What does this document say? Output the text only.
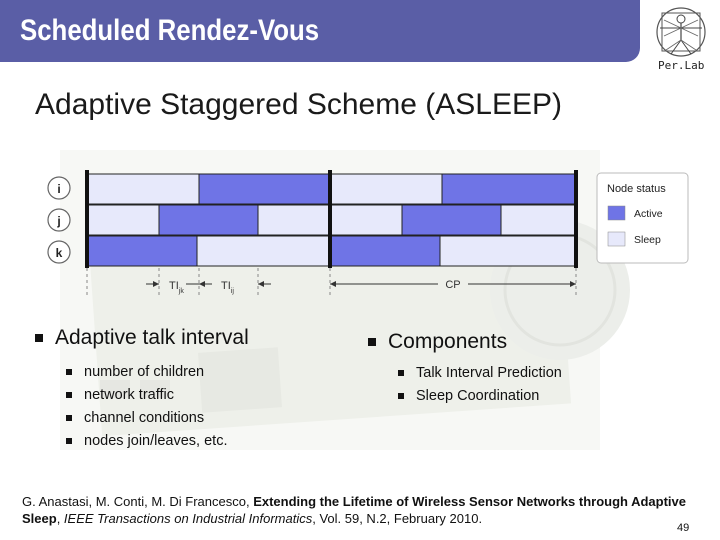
Scheduled Rendez-Vous
Per.Lab
Adaptive Staggered Scheme (ASLEEP)
i
j
k
$TI_{jk}$	$TI_{ij}$
CP
Node status
Active
Sleep
Adaptive talk interval
number of children
network traffic
channel conditions
nodes join/leaves, etc.
Components
Talk Interval Prediction
Sleep Coordination
G. Anastasi, M. Conti, M. Di Francesco, Extending the Lifetime of Wireless Sensor Networks through Adaptive Sleep, IEEE Transactions on Industrial Informatics, Vol. 59, N.2, February 2010.
49
